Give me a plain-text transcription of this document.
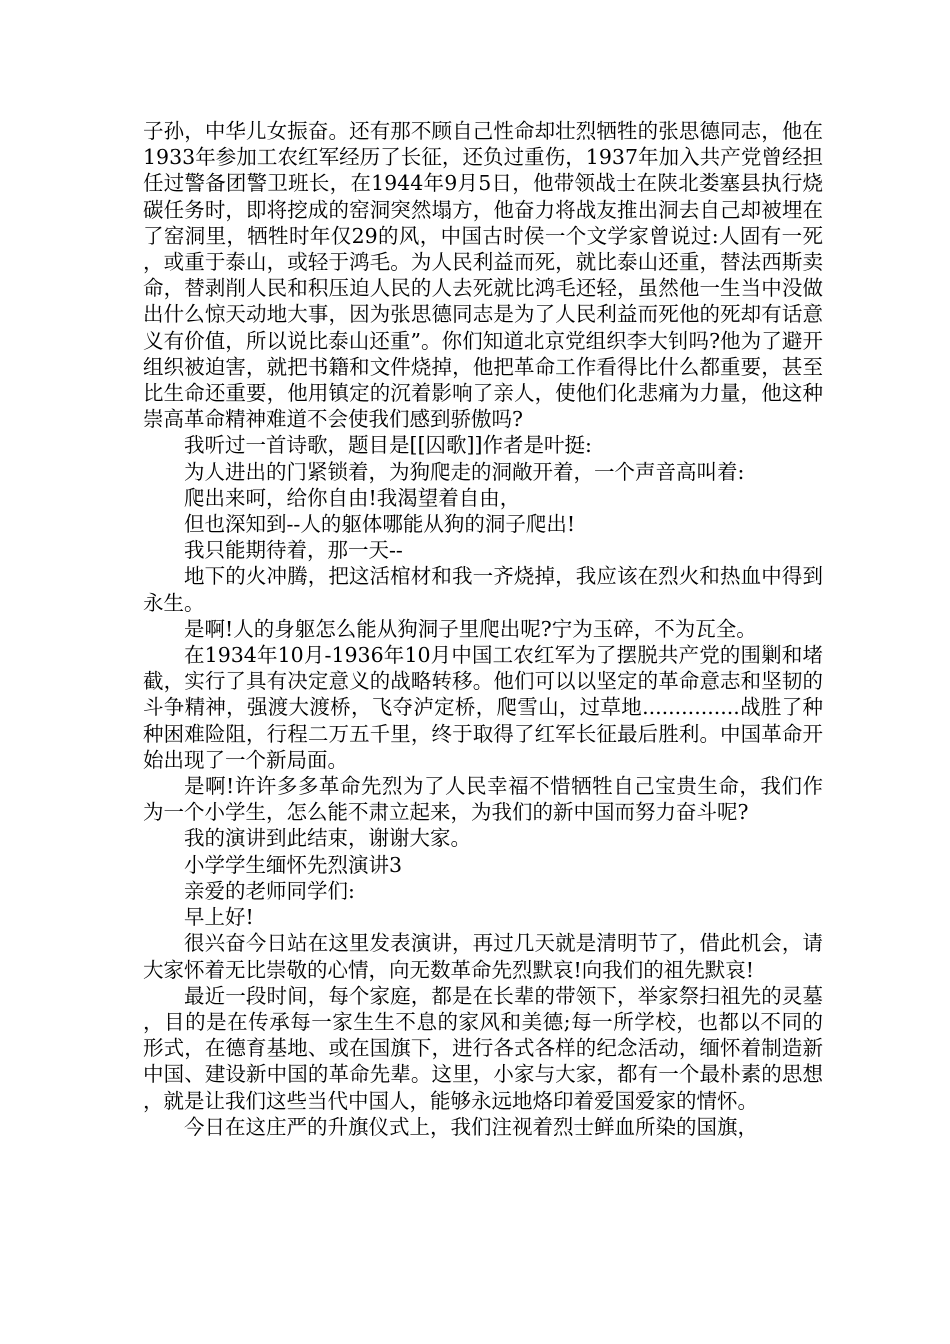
子孙，中华儿女振奋。还有那不顾自己性命却壮烈牺牲的张思德同志，他在1933年参加工农红军经历了长征，还负过重伤，1937年加入共产党曾经担任过警备团警卫班长，在1944年9月5日，他带领战士在陕北娄塞县执行烧碳任务时，即将挖成的窑洞突然塌方，他奋力将战友推出洞去自己却被埋在了窑洞里，牺牲时年仅29的风，中国古时侯一个文学家曾说过:人固有一死，或重于泰山，或轻于鸿毛。为人民利益而死，就比泰山还重，替法西斯卖命，替剥削人民和积压迫人民的人去死就比鸿毛还轻，虽然他一生当中没做出什么惊天动地大事，因为张思德同志是为了人民利益而死他的死却有话意义有价值，所以说比泰山还重”。你们知道北京党组织李大钊吗?他为了避开组织被迫害，就把书籍和文件烧掉，他把革命工作看得比什么都重要，甚至比生命还重要，他用镇定的沉着影响了亲人，使他们化悲痛为力量，他这种崇高革命精神难道不会使我们感到骄傲吗?

我听过一首诗歌，题目是[[囚歌]]作者是叶挺:

为人进出的门紧锁着，为狗爬走的洞敞开着，一个声音高叫着:

爬出来呵，给你自由!我渴望着自由，

但也深知到--人的躯体哪能从狗的洞子爬出!

我只能期待着，那一天--

地下的火冲腾，把这活棺材和我一齐烧掉，我应该在烈火和热血中得到永生。

是啊!人的身躯怎么能从狗洞子里爬出呢?宁为玉碎，不为瓦全。

在1934年10月-1936年10月中国工农红军为了摆脱共产党的围剿和堵截，实行了具有决定意义的战略转移。他们可以以坚定的革命意志和坚韧的斗争精神，强渡大渡桥，飞夺泸定桥，爬雪山，过草地...............战胜了种种困难险阻，行程二万五千里，终于取得了红军长征最后胜利。中国革命开始出现了一个新局面。

是啊!许许多多革命先烈为了人民幸福不惜牺牲自己宝贵生命，我们作为一个小学生，怎么能不肃立起来，为我们的新中国而努力奋斗呢?

我的演讲到此结束，谢谢大家。

小学学生缅怀先烈演讲3

亲爱的老师同学们:

早上好!

很兴奋今日站在这里发表演讲，再过几天就是清明节了，借此机会，请大家怀着无比崇敬的心情，向无数革命先烈默哀!向我们的祖先默哀!

最近一段时间，每个家庭，都是在长辈的带领下，举家祭扫祖先的灵墓，目的是在传承每一家生生不息的家风和美德;每一所学校，也都以不同的形式，在德育基地、或在国旗下，进行各式各样的纪念活动，缅怀着制造新中国、建设新中国的革命先辈。这里，小家与大家，都有一个最朴素的思想，就是让我们这些当代中国人，能够永远地烙印着爱国爱家的情怀。

今日在这庄严的升旗仪式上，我们注视着烈士鲜血所染的国旗，
